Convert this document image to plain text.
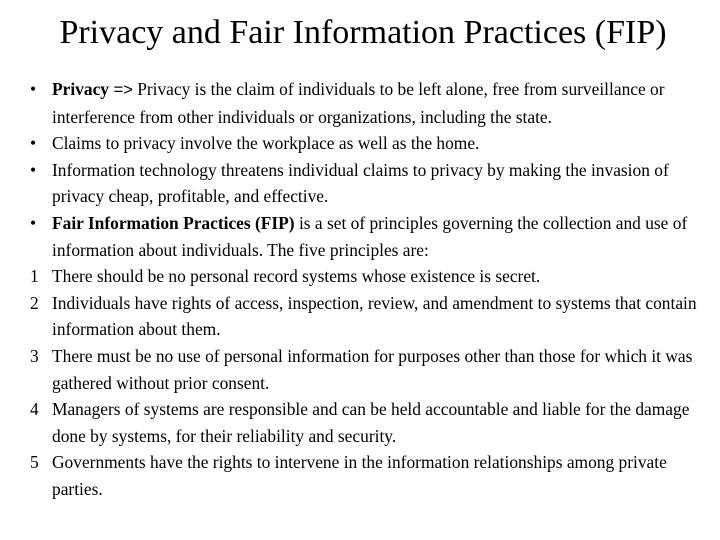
Privacy and Fair Information Practices (FIP)
• Privacy => Privacy is the claim of individuals to be left alone, free from surveillance or interference from other individuals or organizations, including the state.
• Claims to privacy involve the workplace as well as the home.
• Information technology threatens individual claims to privacy by making the invasion of privacy cheap, profitable, and effective.
• Fair Information Practices (FIP) is a set of principles governing the collection and use of information about individuals. The five principles are:
1 There should be no personal record systems whose existence is secret.
2 Individuals have rights of access, inspection, review, and amendment to systems that contain information about them.
3 There must be no use of personal information for purposes other than those for which it was gathered without prior consent.
4 Managers of systems are responsible and can be held accountable and liable for the damage done by systems, for their reliability and security.
5 Governments have the rights to intervene in the information relationships among private parties.
